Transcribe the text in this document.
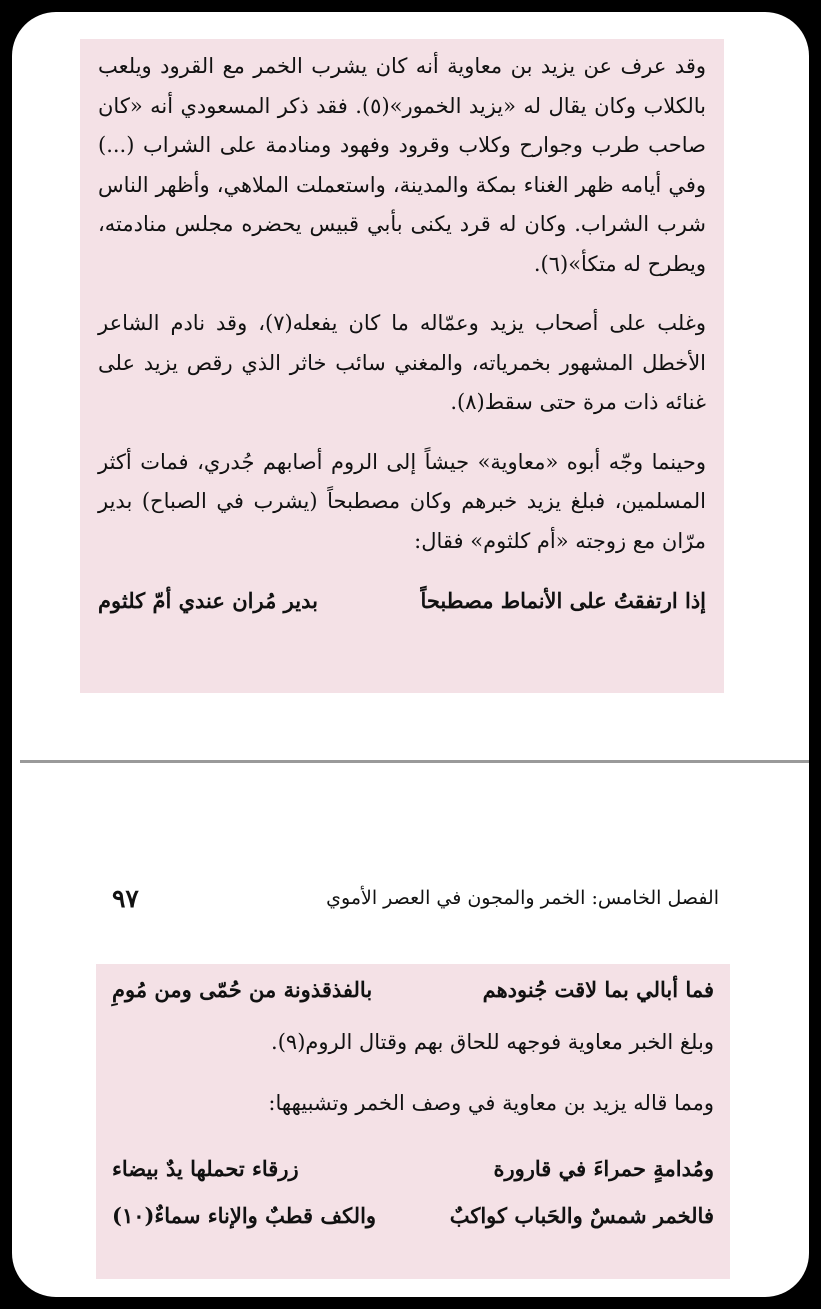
وقد عرف عن يزيد بن معاوية أنه كان يشرب الخمر مع القرود ويلعب بالكلاب وكان يقال له «يزيد الخمور»(٥). فقد ذكر المسعودي أنه «كان صاحب طرب وجوارح وكلاب وقرود وفهود ومنادمة على الشراب (...) وفي أيامه ظهر الغناء بمكة والمدينة، واستعملت الملاهي، وأظهر الناس شرب الشراب. وكان له قرد يكنى بأبي قبيس يحضره مجلس منادمته، ويطرح له متكأ»(٦).

وغلب على أصحاب يزيد وعمّاله ما كان يفعله(٧)، وقد نادم الشاعر الأخطل المشهور بخمرياته، والمغني سائب خاثر الذي رقص يزيد على غنائه ذات مرة حتى سقط(٨).

وحينما وجّه أبوه «معاوية» جيشاً إلى الروم أصابهم جُدري، فمات أكثر المسلمين، فبلغ يزيد خبرهم وكان مصطبحاً (يشرب في الصباح) بدير مرّان مع زوجته «أم كلثوم» فقال:

إذا ارتفقتُ على الأنماط مصطبحاً
بدير مُران عندي أمّ كلثوم
الفصل الخامس: الخمر والمجون في العصر الأموي
٩٧
فما أبالي بما لاقت جُنودهم
بالفذقذونة من حُمّى ومن مُومِ
وبلغ الخبر معاوية فوجهه للحاق بهم وقتال الروم(٩).
ومما قاله يزيد بن معاوية في وصف الخمر وتشبيهها:
ومُدامةٍ حمراءَ في قارورة
زرقاء تحملها يدٌ بيضاء
فالخمر شمسٌ والحَباب كواكبٌ
والكف قطبٌ والإناء سماءٌ(١٠)
